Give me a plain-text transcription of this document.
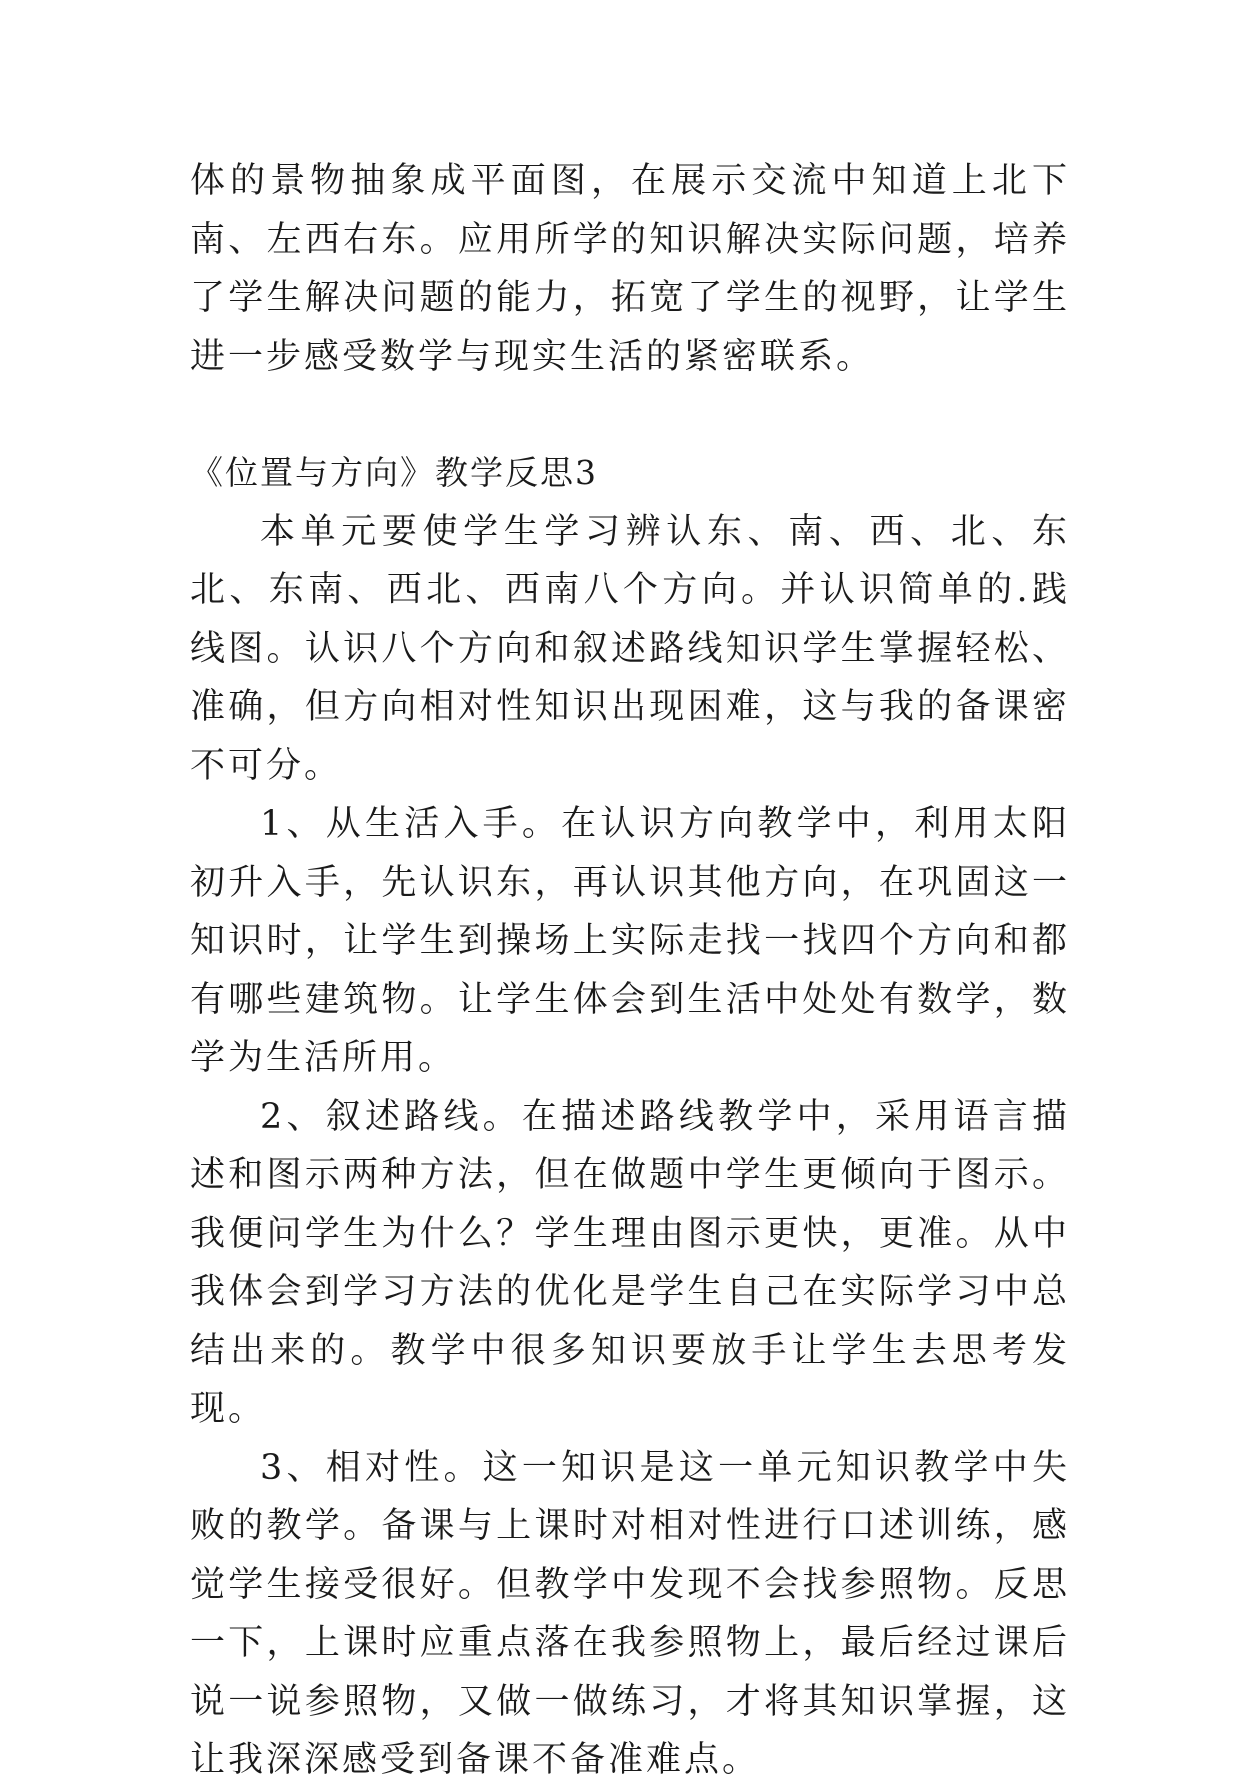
体的景物抽象成平面图，在展示交流中知道上北下南、左西右东。应用所学的知识解决实际问题，培养了学生解决问题的能力，拓宽了学生的视野，让学生进一步感受数学与现实生活的紧密联系。

《位置与方向》教学反思3

本单元要使学生学习辨认东、南、西、北、东北、东南、西北、西南八个方向。并认识简单的.践线图。认识八个方向和叙述路线知识学生掌握轻松、准确，但方向相对性知识出现困难，这与我的备课密不可分。

1、从生活入手。在认识方向教学中，利用太阳初升入手，先认识东，再认识其他方向，在巩固这一知识时，让学生到操场上实际走找一找四个方向和都有哪些建筑物。让学生体会到生活中处处有数学，数学为生活所用。

2、叙述路线。在描述路线教学中，采用语言描述和图示两种方法，但在做题中学生更倾向于图示。我便问学生为什么？学生理由图示更快，更准。从中我体会到学习方法的优化是学生自己在实际学习中总结出来的。教学中很多知识要放手让学生去思考发现。

3、相对性。这一知识是这一单元知识教学中失败的教学。备课与上课时对相对性进行口述训练，感觉学生接受很好。但教学中发现不会找参照物。反思一下，上课时应重点落在我参照物上，最后经过课后说一说参照物，又做一做练习，才将其知识掌握，这让我深深感受到备课不备准难点。
